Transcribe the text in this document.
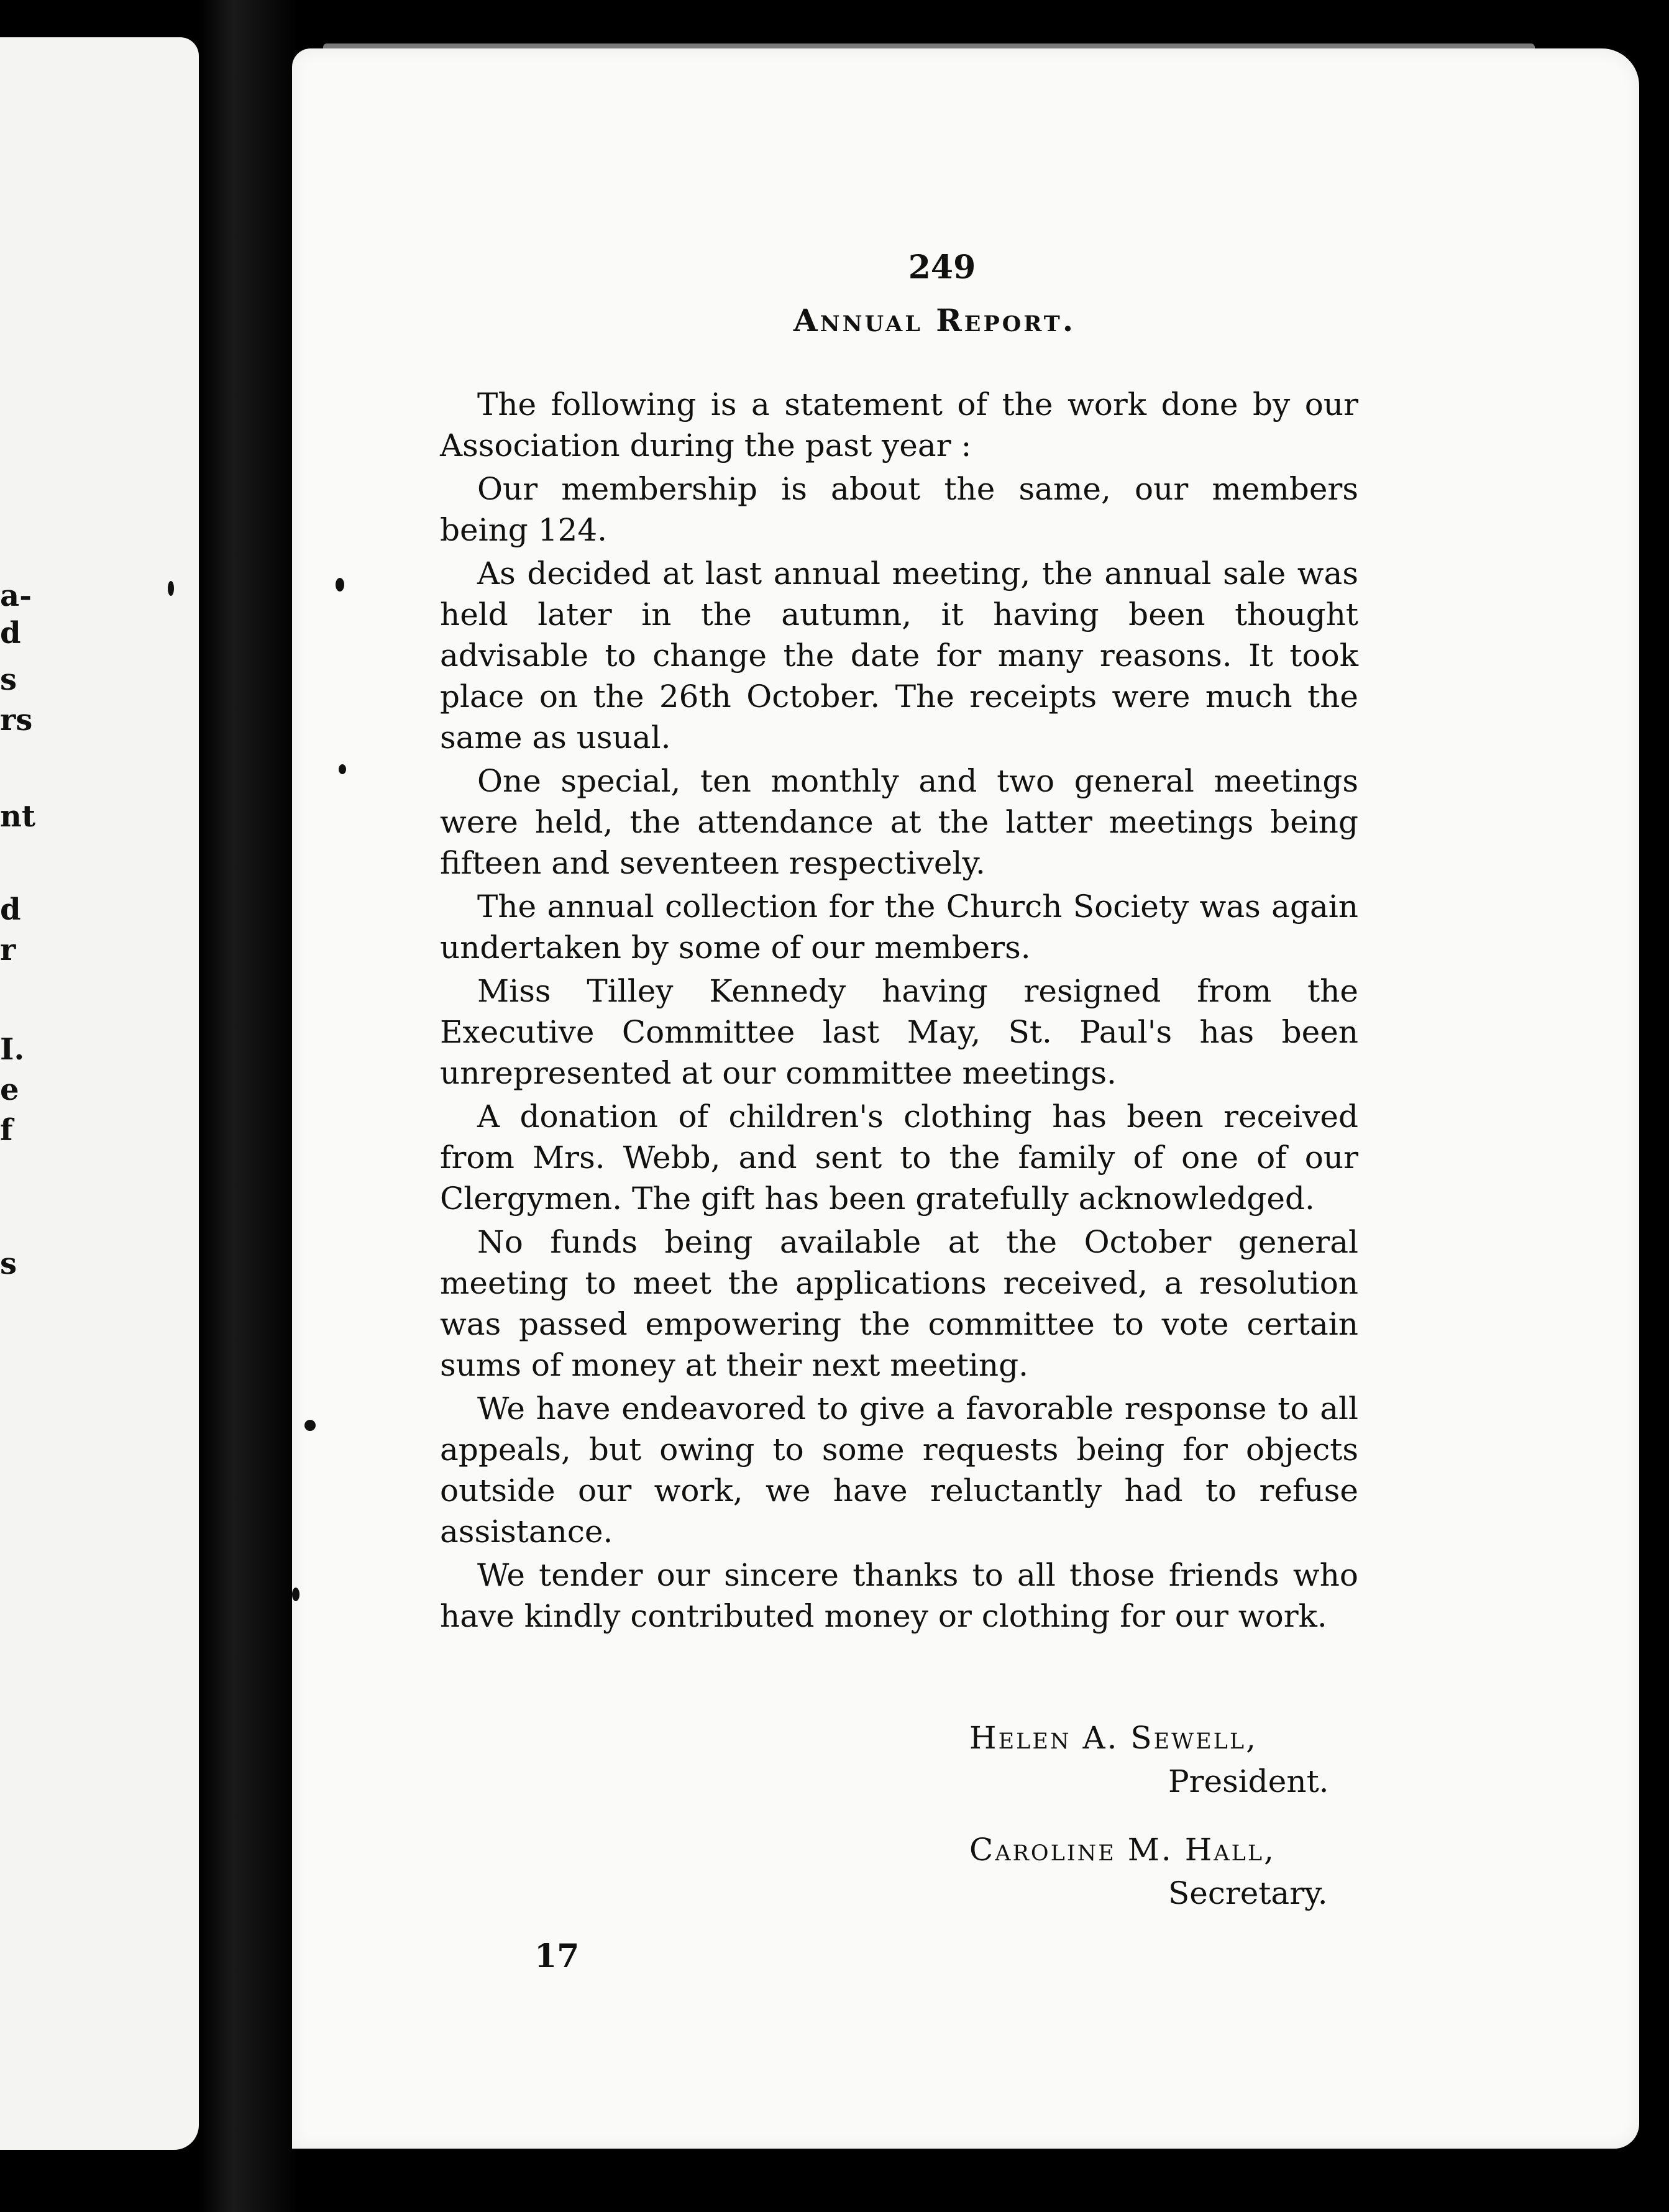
a-
d
s
rs
nt
d
r
I.
e
f
s
249
Annual Report.

The following is a statement of the work done by our Association during the past year :

Our membership is about the same, our members being 124.

As decided at last annual meeting, the annual sale was held later in the autumn, it having been thought advisable to change the date for many reasons. It took place on the 26th October. The receipts were much the same as usual.

One special, ten monthly and two general meetings were held, the attendance at the latter meetings being fifteen and seventeen respectively.

The annual collection for the Church Society was again undertaken by some of our members.

Miss Tilley Kennedy having resigned from the Executive Committee last May, St. Paul's has been unrepresented at our committee meetings.

A donation of children's clothing has been received from Mrs. Webb, and sent to the family of one of our Clergymen. The gift has been gratefully acknowledged.

No funds being available at the October general meeting to meet the applications received, a resolution was passed empowering the committee to vote certain sums of money at their next meeting.

We have endeavored to give a favorable response to all appeals, but owing to some requests being for objects outside our work, we have reluctantly had to refuse assistance.

We tender our sincere thanks to all those friends who have kindly contributed money or clothing for our work.

Helen A. Sewell,
President.
Caroline M. Hall,
Secretary.
17
